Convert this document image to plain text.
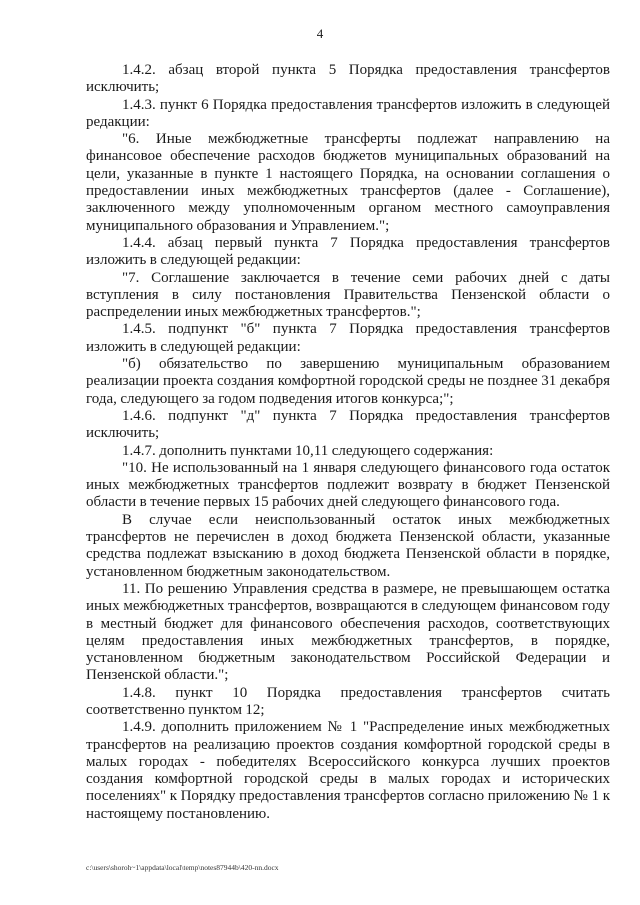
4

1.4.2. абзац второй пункта 5 Порядка предоставления трансфертов исключить;

1.4.3. пункт 6 Порядка предоставления трансфертов изложить в следующей редакции:

"6. Иные межбюджетные трансферты подлежат направлению на финансовое обеспечение расходов бюджетов муниципальных образований на цели, указанные в пункте 1 настоящего Порядка, на основании соглашения о предоставлении иных межбюджетных трансфертов (далее - Соглашение), заключенного между уполномоченным органом местного самоуправления муниципального образования и Управлением.";

1.4.4. абзац первый пункта 7 Порядка предоставления трансфертов изложить в следующей редакции:

"7. Соглашение заключается в течение семи рабочих дней с даты вступления в силу постановления Правительства Пензенской области о распределении иных межбюджетных трансфертов.";

1.4.5. подпункт "б" пункта 7 Порядка предоставления трансфертов изложить в следующей редакции:

"б) обязательство по завершению муниципальным образованием реализации проекта создания комфортной городской среды не позднее 31 декабря года, следующего за годом подведения итогов конкурса;";

1.4.6. подпункт "д" пункта 7 Порядка предоставления трансфертов исключить;

1.4.7. дополнить пунктами 10,11 следующего содержания:

"10. Не использованный на 1 января следующего финансового года остаток иных межбюджетных трансфертов подлежит возврату в бюджет Пензенской области в течение первых 15 рабочих дней следующего финансового года.

В случае если неиспользованный остаток иных межбюджетных трансфертов не перечислен в доход бюджета Пензенской области, указанные средства подлежат взысканию в доход бюджета Пензенской области в порядке, установленном бюджетным законодательством.

11. По решению Управления средства в размере, не превышающем остатка иных межбюджетных трансфертов, возвращаются в следующем финансовом году в местный бюджет для финансового обеспечения расходов, соответствующих целям предоставления иных межбюджетных трансфертов, в порядке, установленном бюджетным законодательством Российской Федерации и Пензенской области.";

1.4.8. пункт 10 Порядка предоставления трансфертов считать соответственно пунктом 12;

1.4.9. дополнить приложением № 1 "Распределение иных межбюджетных трансфертов на реализацию проектов создания комфортной городской среды в малых городах - победителях Всероссийского конкурса лучших проектов создания комфортной городской среды в малых городах и исторических поселениях" к Порядку предоставления трансфертов согласно приложению № 1 к настоящему постановлению.

c:\users\shoroh~1\appdata\local\temp\notes87944b\420-nn.docx
